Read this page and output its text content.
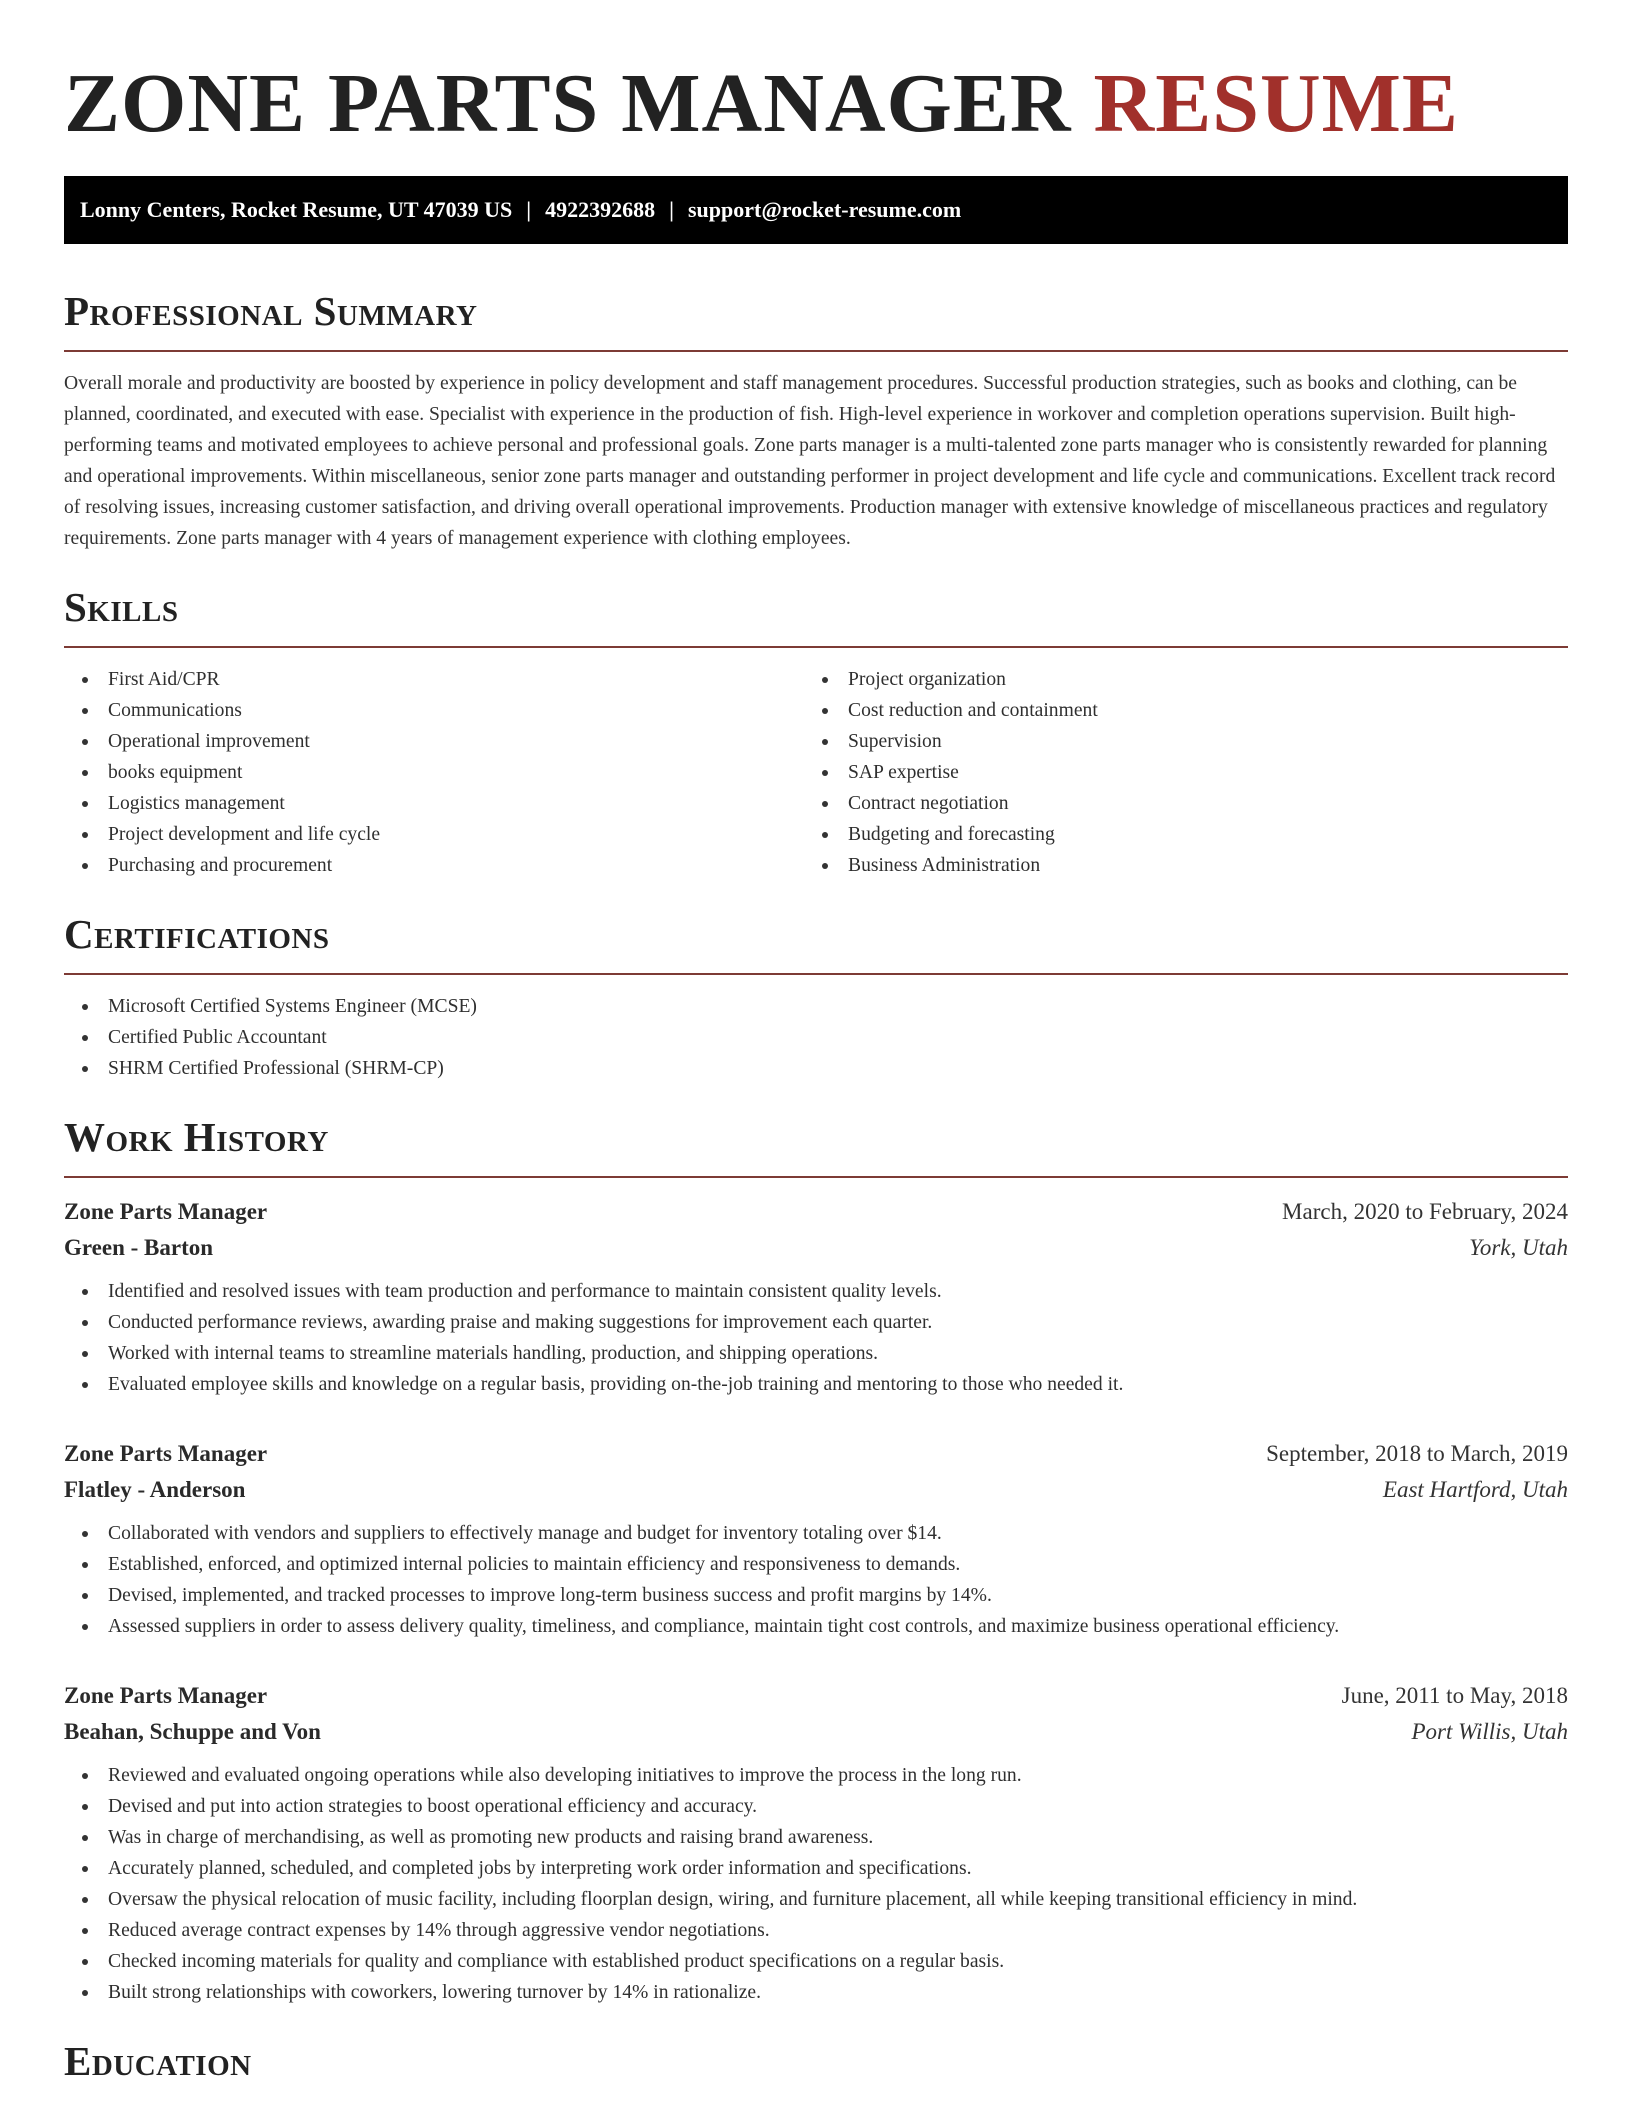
ZONE PARTS MANAGER RESUME
Lonny Centers, Rocket Resume, UT 47039 US | 4922392688 | support@rocket-resume.com
Professional Summary

Overall morale and productivity are boosted by experience in policy development and staff management procedures. Successful production strategies, such as books and clothing, can be planned, coordinated, and executed with ease. Specialist with experience in the production of fish. High-level experience in workover and completion operations supervision. Built high-performing teams and motivated employees to achieve personal and professional goals. Zone parts manager is a multi-talented zone parts manager who is consistently rewarded for planning and operational improvements. Within miscellaneous, senior zone parts manager and outstanding performer in project development and life cycle and communications. Excellent track record of resolving issues, increasing customer satisfaction, and driving overall operational improvements. Production manager with extensive knowledge of miscellaneous practices and regulatory requirements. Zone parts manager with 4 years of management experience with clothing employees.

Skills
First Aid/CPR
Communications
Operational improvement
books equipment
Logistics management
Project development and life cycle
Purchasing and procurement
Project organization
Cost reduction and containment
Supervision
SAP expertise
Contract negotiation
Budgeting and forecasting
Business Administration
Certifications
Microsoft Certified Systems Engineer (MCSE)
Certified Public Accountant
SHRM Certified Professional (SHRM-CP)
Work History
Zone Parts Manager	March, 2020 to February, 2024
Green - Barton	York, Utah
Identified and resolved issues with team production and performance to maintain consistent quality levels.
Conducted performance reviews, awarding praise and making suggestions for improvement each quarter.
Worked with internal teams to streamline materials handling, production, and shipping operations.
Evaluated employee skills and knowledge on a regular basis, providing on-the-job training and mentoring to those who needed it.
Zone Parts Manager	September, 2018 to March, 2019
Flatley - Anderson	East Hartford, Utah
Collaborated with vendors and suppliers to effectively manage and budget for inventory totaling over $14.
Established, enforced, and optimized internal policies to maintain efficiency and responsiveness to demands.
Devised, implemented, and tracked processes to improve long-term business success and profit margins by 14%.
Assessed suppliers in order to assess delivery quality, timeliness, and compliance, maintain tight cost controls, and maximize business operational efficiency.
Zone Parts Manager	June, 2011 to May, 2018
Beahan, Schuppe and Von	Port Willis, Utah
Reviewed and evaluated ongoing operations while also developing initiatives to improve the process in the long run.
Devised and put into action strategies to boost operational efficiency and accuracy.
Was in charge of merchandising, as well as promoting new products and raising brand awareness.
Accurately planned, scheduled, and completed jobs by interpreting work order information and specifications.
Oversaw the physical relocation of music facility, including floorplan design, wiring, and furniture placement, all while keeping transitional efficiency in mind.
Reduced average contract expenses by 14% through aggressive vendor negotiations.
Checked incoming materials for quality and compliance with established product specifications on a regular basis.
Built strong relationships with coworkers, lowering turnover by 14% in rationalize.
Education
